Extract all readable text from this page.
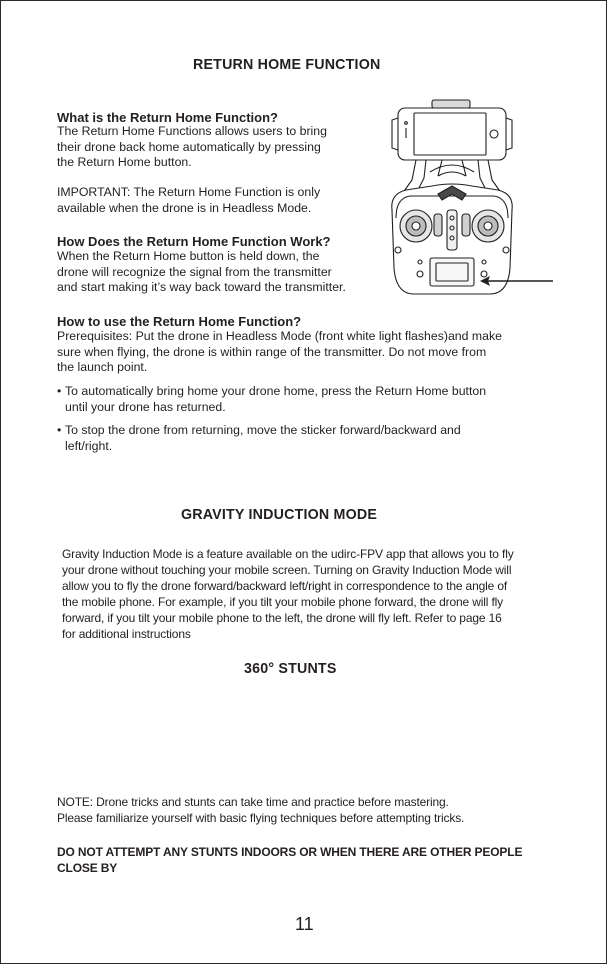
RETURN HOME FUNCTION
What is the Return Home Function?
The Return Home Functions allows users to bring
their drone back home automatically by pressing
the Return Home button.
IMPORTANT: The Return Home Function is only
available when the drone is in Headless Mode.
How Does the Return Home Function Work?
When the Return Home button is held down, the
drone will recognize the signal from the transmitter
and start making it’s way back toward the transmitter.
How to use the Return Home Function?
Prerequisites: Put the drone in Headless Mode (front white light flashes)and make
sure when flying, the drone is within range of the transmitter. Do not move from
the launch point.
• To automatically bring home your drone home, press the Return Home button
until your drone has returned.
• To stop the drone from returning, move the sticker forward/backward and
left/right.
GRAVITY INDUCTION MODE
Gravity Induction Mode is a feature available on the udirc-FPV app that allows you to fly
your drone without touching your mobile screen. Turning on Gravity Induction Mode will
allow you to fly the drone forward/backward left/right in correspondence to the angle of
the mobile phone. For example, if you tilt your mobile phone forward, the drone will fly
forward, if you tilt your mobile phone to the left, the drone will fly left. Refer to page 16
for additional instructions
360° STUNTS
NOTE: Drone tricks and stunts can take time and practice before mastering.
Please familiarize yourself with basic flying techniques before attempting tricks.
DO NOT ATTEMPT ANY STUNTS INDOORS OR WHEN THERE ARE OTHER PEOPLE
CLOSE BY
11
